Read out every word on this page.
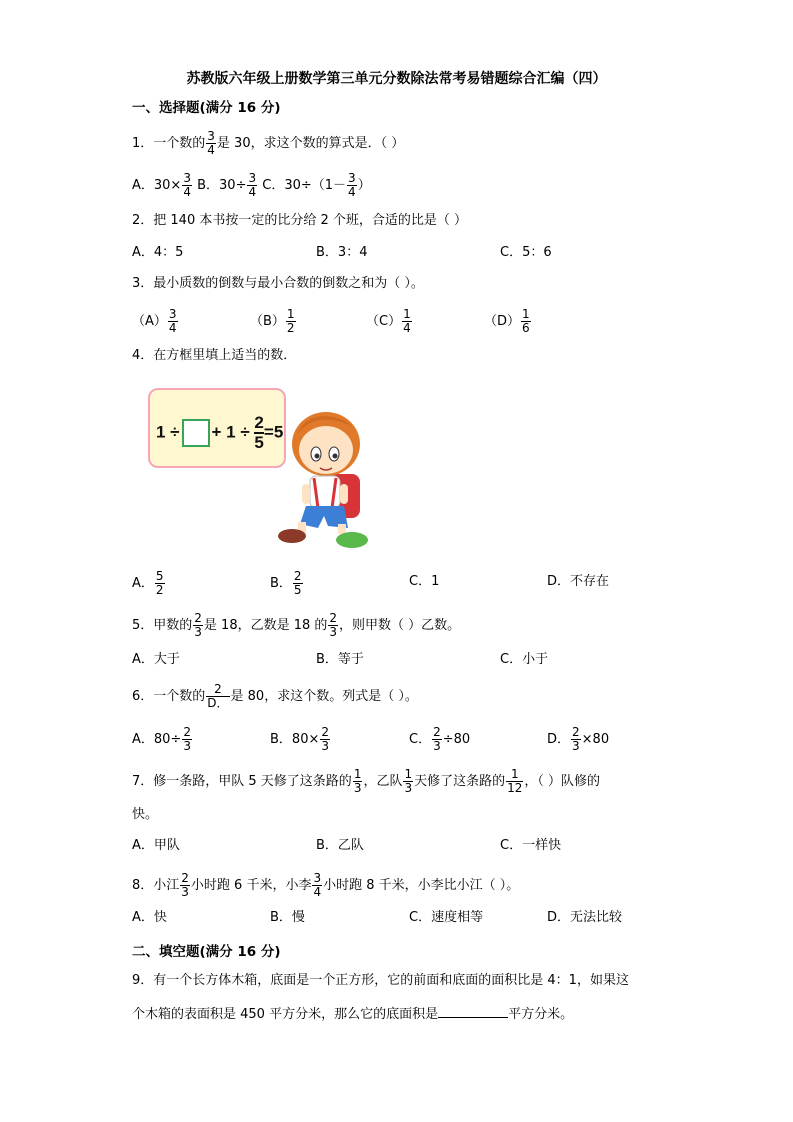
苏教版六年级上册数学第三单元分数除法常考易错题综合汇编（四）
一、选择题(满分 16 分)
1．一个数的 $\frac{3}{4}$ 是 30，求这个数的算式是．（ ）
A．$30\times \frac{3}{4}$ B．$30\div \frac{3}{4}$ C．$30\div(1- \frac{3}{4}$ ）
2．把 140 本书按一定的比分给 2 个班，合适的比是（ ）
A．4：5	B．3：4	C．5：6
3．最小质数的倒数与最小合数的倒数之和为（ ）。
$(A) \frac{3}{4}$	$(B) \frac{1}{2}$	$(C) \frac{1}{4}$	$(D) \frac{1}{6}$
4．在方框里填上适当的数．
1 ÷ + $1 \div \frac{2}{5} =5$
A． $\frac{5}{2}$	B． $\frac{2}{5}$	C．1	D．不存在
5．甲数的 $\frac{2}{3}$ 是 18，乙数是 18 的 $\frac{2}{3}$ ，则甲数（ ）乙数。
A．大于	B．等于	C．小于
6．一个数的 $\frac{2}{D.}$ 是 80，求这个数。列式是（ ）。
A．$80\div \frac{2}{3}$	B．$80\times \frac{2}{3}$	C． $\frac{2}{3} \div 80$	D． $\frac{2}{3} \times 80$
7．修一条路，甲队 5 天修了这条路的 $\frac{1}{3}$ ，乙队 $\frac{1}{3}$ 天修了这条路的 $\frac{1}{12}$ ，（ ）队修的
快。
A．甲队	B．乙队	C．一样快
8．小江 $\frac{2}{3}$ 小时跑 6 千米，小李 $\frac{3}{4}$ 小时跑 8 千米，小李比小江（ ）。
A．快	B．慢	C．速度相等	D．无法比较
二、填空题(满分 16 分)
9．有一个长方体木箱，底面是一个正方形，它的前面和底面的面积比是 4：1，如果这
个木箱的表面积是 450 平方分米，那么它的底面积是	平方分米。
